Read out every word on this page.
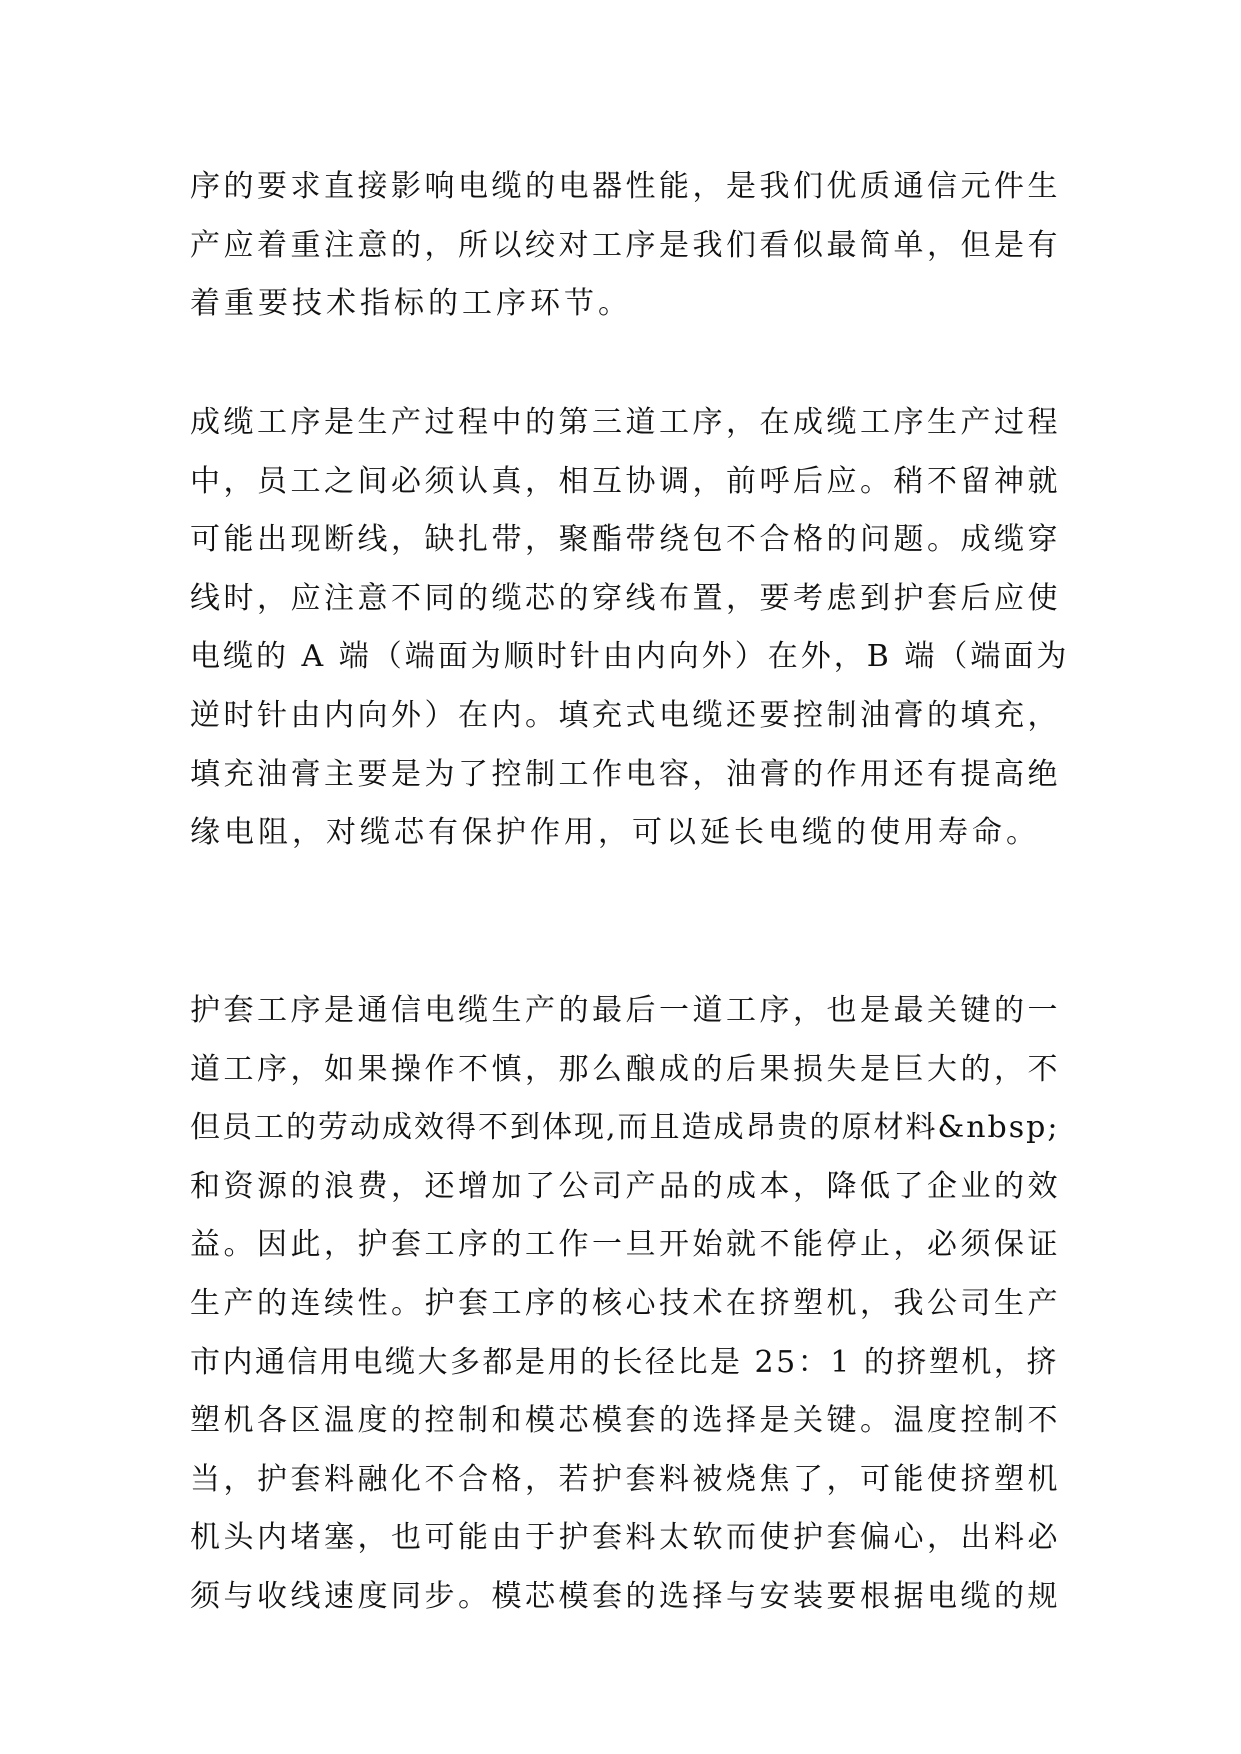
序的要求直接影响电缆的电器性能，是我们优质通信元件生
产应着重注意的，所以绞对工序是我们看似最简单，但是有
着重要技术指标的工序环节。
成缆工序是生产过程中的第三道工序，在成缆工序生产过程
中，员工之间必须认真，相互协调，前呼后应。稍不留神就
可能出现断线，缺扎带，聚酯带绕包不合格的问题。成缆穿
线时，应注意不同的缆芯的穿线布置，要考虑到护套后应使
电缆的 A 端（端面为顺时针由内向外）在外，B 端（端面为
逆时针由内向外）在内。填充式电缆还要控制油膏的填充，
填充油膏主要是为了控制工作电容，油膏的作用还有提高绝
缘电阻，对缆芯有保护作用，可以延长电缆的使用寿命。
护套工序是通信电缆生产的最后一道工序，也是最关键的一
道工序，如果操作不慎，那么酿成的后果损失是巨大的，不
但员工的劳动成效得不到体现,而且造成昂贵的原材料&nbsp;
和资源的浪费，还增加了公司产品的成本，降低了企业的效
益。因此，护套工序的工作一旦开始就不能停止，必须保证
生产的连续性。护套工序的核心技术在挤塑机，我公司生产
市内通信用电缆大多都是用的长径比是 25：1 的挤塑机，挤
塑机各区温度的控制和模芯模套的选择是关键。温度控制不
当，护套料融化不合格，若护套料被烧焦了，可能使挤塑机
机头内堵塞，也可能由于护套料太软而使护套偏心，出料必
须与收线速度同步。模芯模套的选择与安装要根据电缆的规
